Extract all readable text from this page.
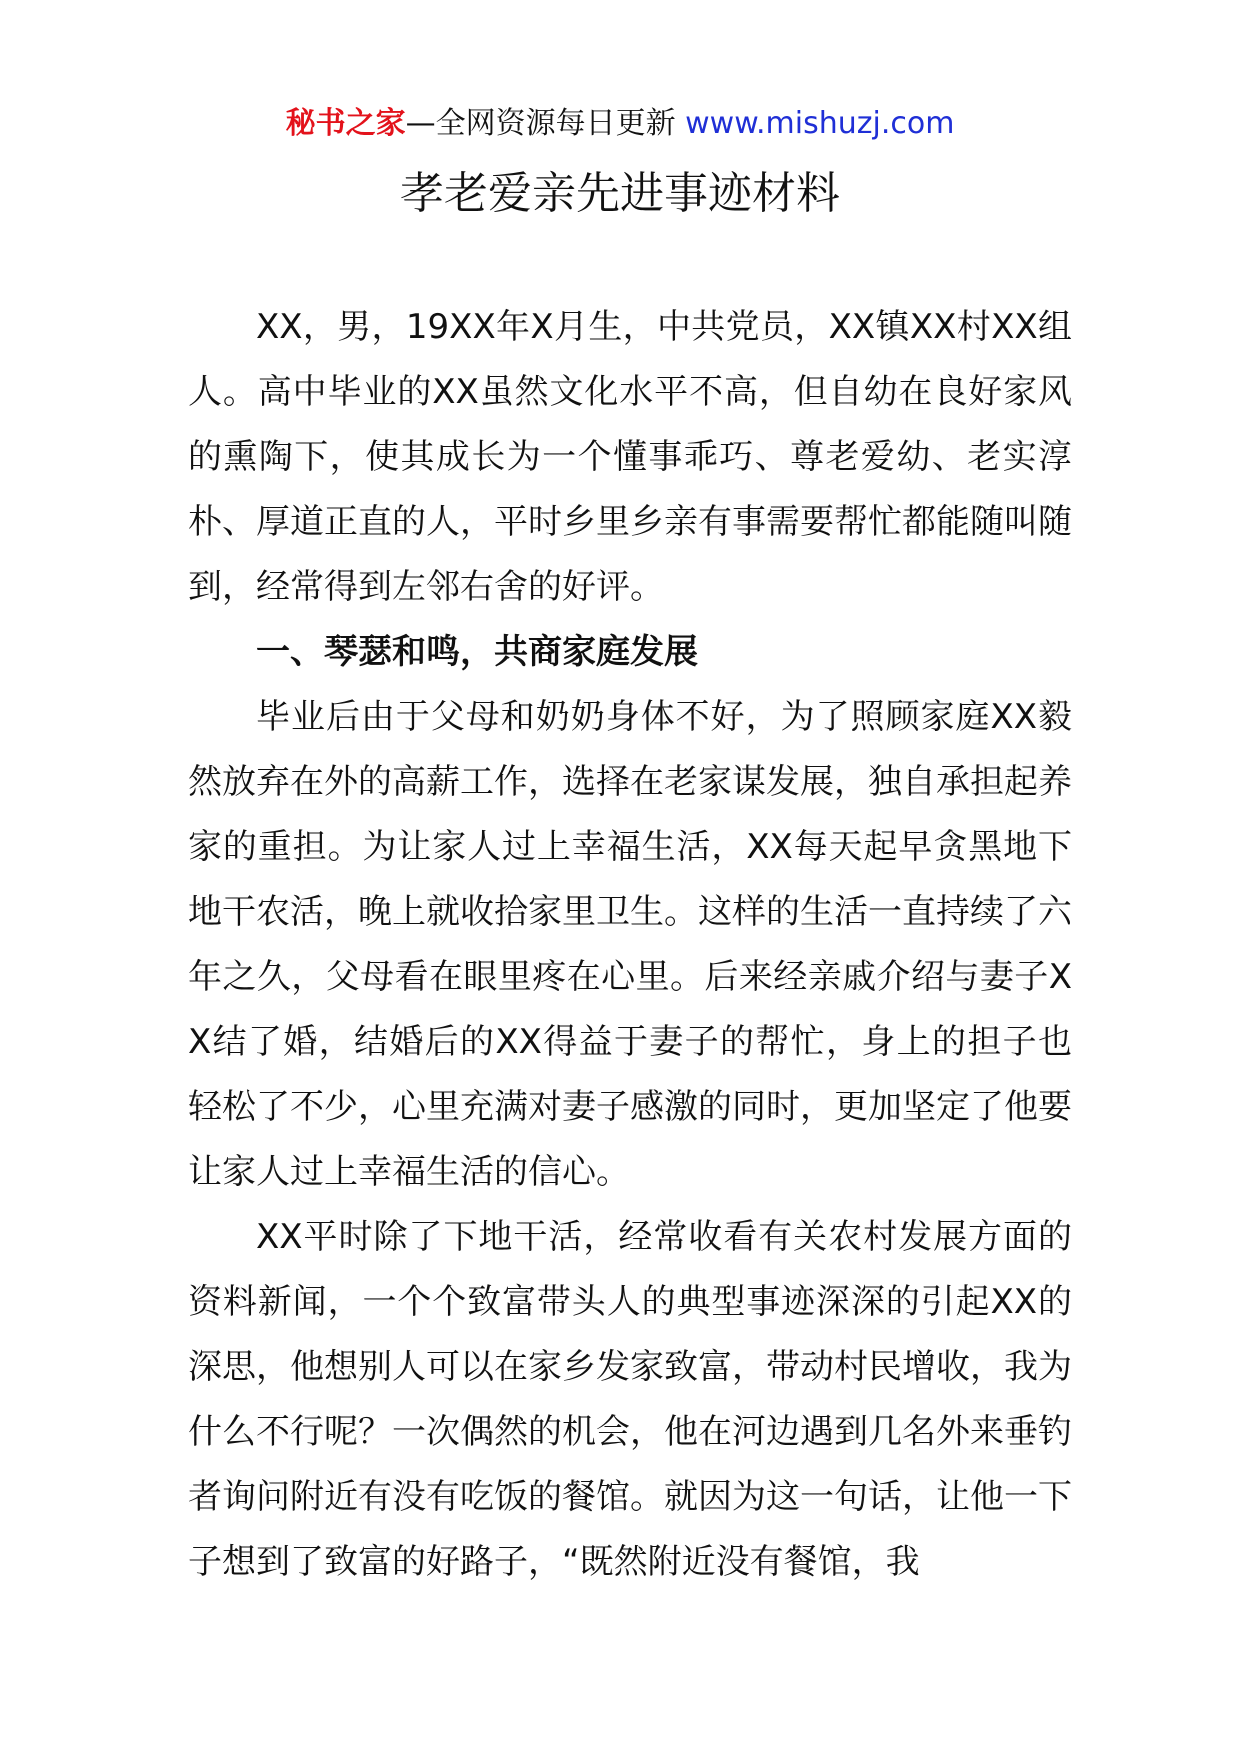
秘书之家—全网资源每日更新 www.mishuzj.com
孝老爱亲先进事迹材料

XX，男，19XX年X月生，中共党员，XX镇XX村XX组人。高中毕业的XX虽然文化水平不高，但自幼在良好家风的熏陶下，使其成长为一个懂事乖巧、尊老爱幼、老实淳朴、厚道正直的人，平时乡里乡亲有事需要帮忙都能随叫随到，经常得到左邻右舍的好评。

一、琴瑟和鸣，共商家庭发展

毕业后由于父母和奶奶身体不好，为了照顾家庭XX毅然放弃在外的高薪工作，选择在老家谋发展，独自承担起养家的重担。为让家人过上幸福生活，XX每天起早贪黑地下地干农活，晚上就收拾家里卫生。这样的生活一直持续了六年之久，父母看在眼里疼在心里。后来经亲戚介绍与妻子XX结了婚，结婚后的XX得益于妻子的帮忙，身上的担子也轻松了不少，心里充满对妻子感激的同时，更加坚定了他要让家人过上幸福生活的信心。

XX平时除了下地干活，经常收看有关农村发展方面的资料新闻，一个个致富带头人的典型事迹深深的引起XX的深思，他想别人可以在家乡发家致富，带动村民增收，我为什么不行呢？一次偶然的机会，他在河边遇到几名外来垂钓者询问附近有没有吃饭的餐馆。就因为这一句话，让他一下子想到了致富的好路子，“既然附近没有餐馆，我
